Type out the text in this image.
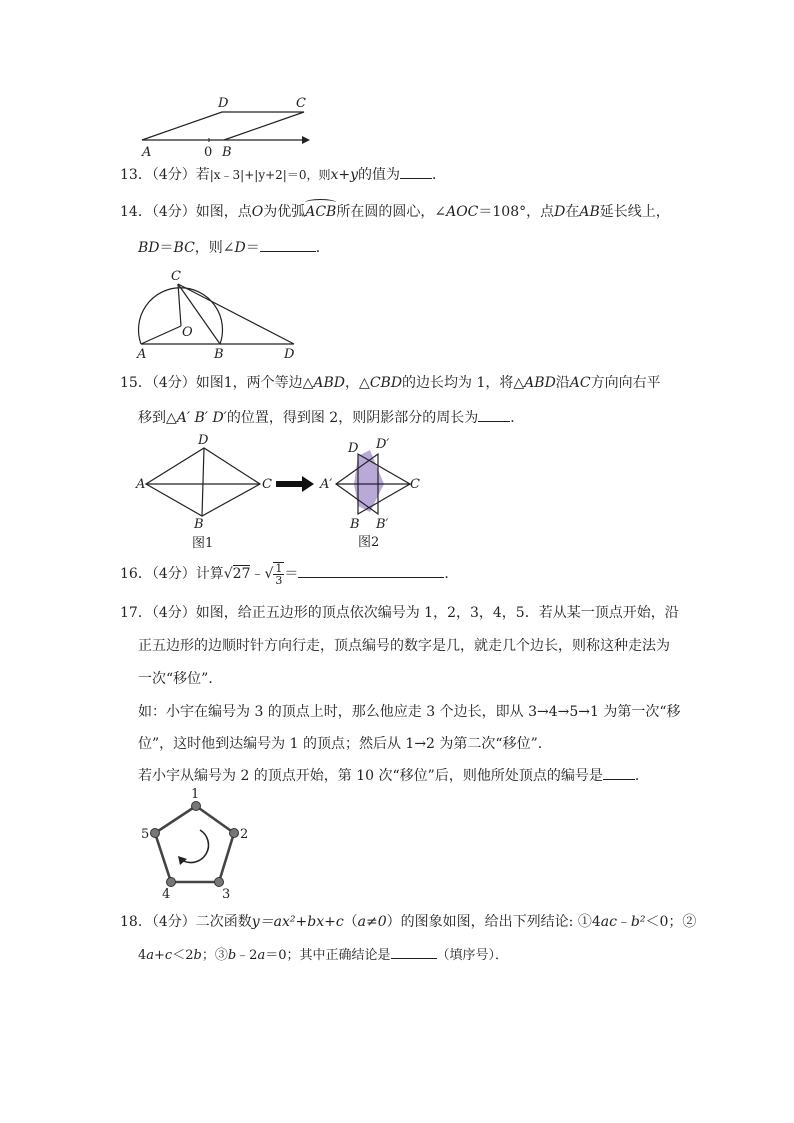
A	0 B
D	C
13．（4分）若|x﹣3|+|y+2|＝0，则x+y的值为 ．
14．（4分）如图，点O为优弧ACB所在圆的圆心，∠AOC＝108°，点D在AB延长线上，
BD＝BC，则∠D＝	．
C
O
A	B	D
15．（4分）如图1，两个等边△ABD，△CBD的边长均为 1，将△ABD沿AC方向向右平
移到△A′ B′ D′的位置，得到图 2，则阴影部分的周长为 ．
D
A	C
B
图1
D D′
A′	C
B B′
图2
16．（4分）计算√27﹣√ $\frac{1}{3}$ ＝	．
17．（4分）如图，给正五边形的顶点依次编号为 1，2，3，4，5．若从某一顶点开始，沿
正五边形的边顺时针方向行走，顶点编号的数字是几，就走几个边长，则称这种走法为
一次“移位”．
如：小宇在编号为 3 的顶点上时，那么他应走 3 个边长，即从 3→4→5→1 为第一次“移
位”，这时他到达编号为 1 的顶点；然后从 1→2 为第二次“移位”．
若小宇从编号为 2 的顶点开始，第 10 次“移位”后，则他所处顶点的编号是 ．
1
2
3
4
5
18．（4分）二次函数y＝ax²+bx+c（a≠0）的图象如图，给出下列结论: ①4ac﹣b²＜0；②
4a+c＜2b；③b﹣2a＝0；其中正确结论是	（填序号）．
